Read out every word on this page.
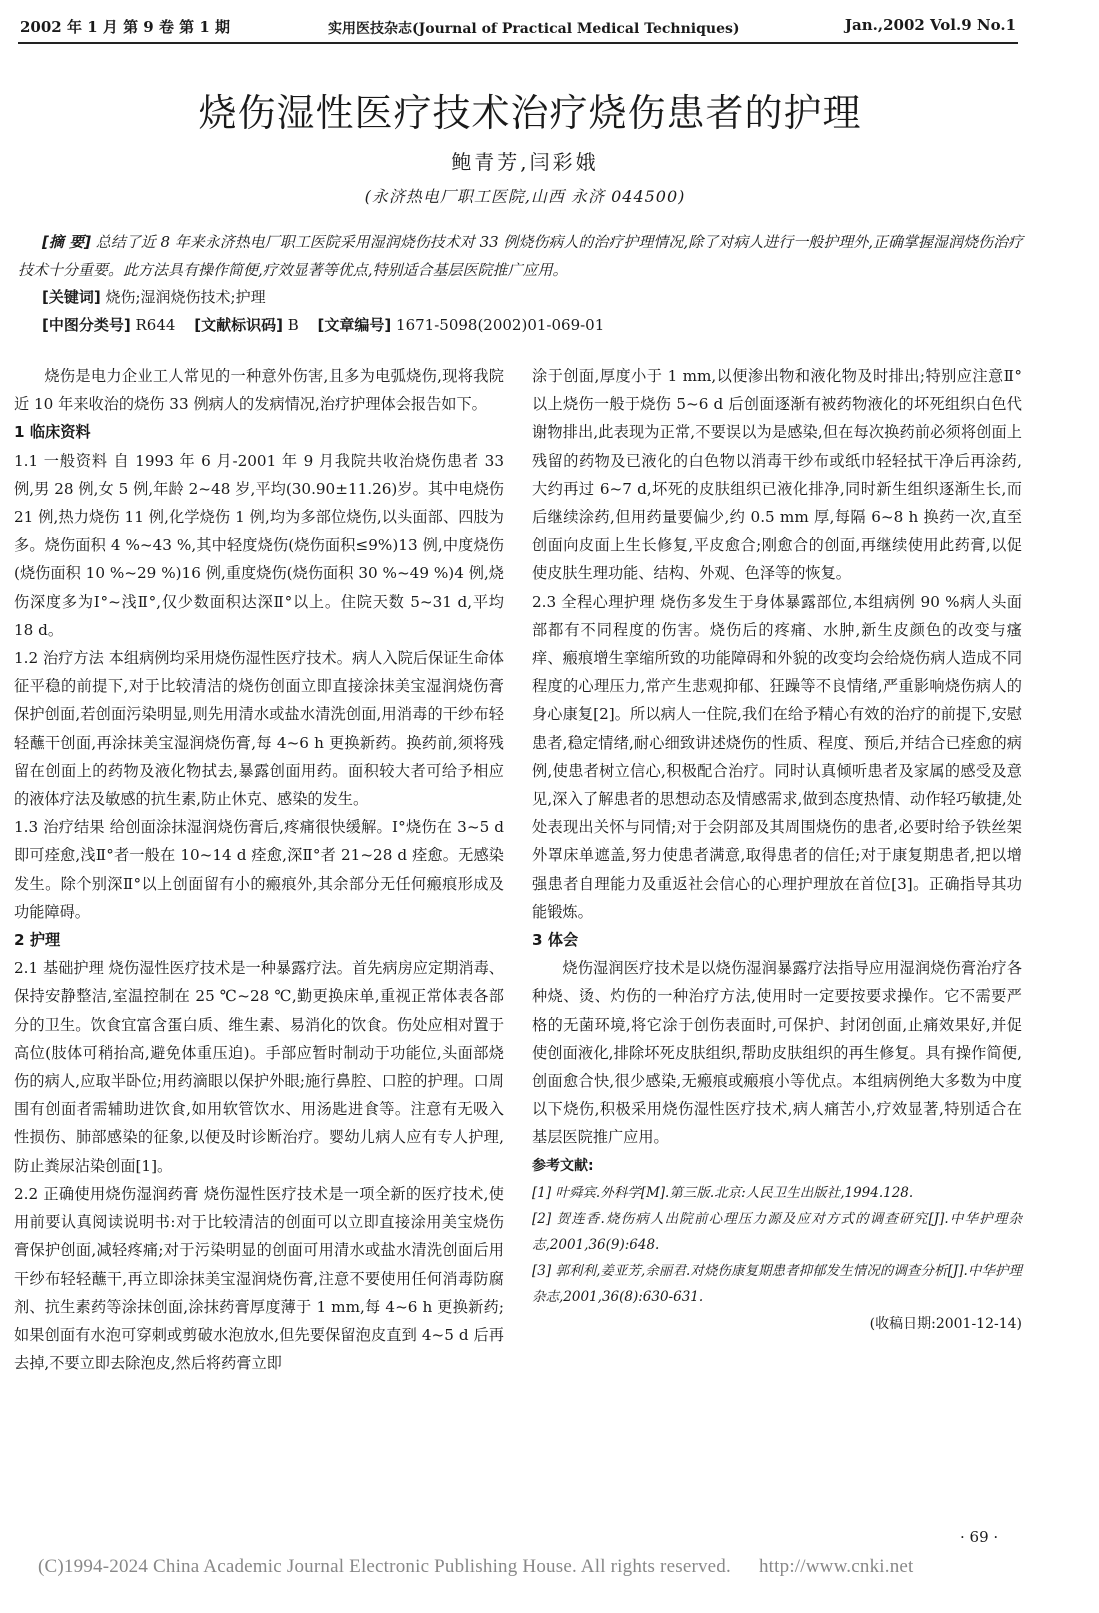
2002 年 1 月 第 9 卷 第 1 期	实用医技杂志(Journal of Practical Medical Techniques)	Jan.,2002 Vol.9 No.1
烧伤湿性医疗技术治疗烧伤患者的护理
鲍青芳,闫彩娥
(永济热电厂职工医院,山西 永济 044500)
[摘 要] 总结了近 8 年来永济热电厂职工医院采用湿润烧伤技术对 33 例烧伤病人的治疗护理情况,除了对病人进行一般护理外,正确掌握湿润烧伤治疗技术十分重要。此方法具有操作简便,疗效显著等优点,特别适合基层医院推广应用。
[关键词] 烧伤;湿润烧伤技术;护理
[中图分类号] R644 [文献标识码] B [文章编号] 1671-5098(2002)01-069-01

烧伤是电力企业工人常见的一种意外伤害,且多为电弧烧伤,现将我院近 10 年来收治的烧伤 33 例病人的发病情况,治疗护理体会报告如下。

1 临床资料

1.1 一般资料 自 1993 年 6 月-2001 年 9 月我院共收治烧伤患者 33 例,男 28 例,女 5 例,年龄 2~48 岁,平均(30.90±11.26)岁。其中电烧伤 21 例,热力烧伤 11 例,化学烧伤 1 例,均为多部位烧伤,以头面部、四肢为多。烧伤面积 4 %~43 %,其中轻度烧伤(烧伤面积≤9%)13 例,中度烧伤(烧伤面积 10 %~29 %)16 例,重度烧伤(烧伤面积 30 %~49 %)4 例,烧伤深度多为Ⅰ°~浅Ⅱ°,仅少数面积达深Ⅱ°以上。住院天数 5~31 d,平均 18 d。

1.2 治疗方法 本组病例均采用烧伤湿性医疗技术。病人入院后保证生命体征平稳的前提下,对于比较清洁的烧伤创面立即直接涂抹美宝湿润烧伤膏保护创面,若创面污染明显,则先用清水或盐水清洗创面,用消毒的干纱布轻轻蘸干创面,再涂抹美宝湿润烧伤膏,每 4~6 h 更换新药。换药前,须将残留在创面上的药物及液化物拭去,暴露创面用药。面积较大者可给予相应的液体疗法及敏感的抗生素,防止休克、感染的发生。

1.3 治疗结果 给创面涂抹湿润烧伤膏后,疼痛很快缓解。Ⅰ°烧伤在 3~5 d 即可痊愈,浅Ⅱ°者一般在 10~14 d 痊愈,深Ⅱ°者 21~28 d 痊愈。无感染发生。除个别深Ⅱ°以上创面留有小的瘢痕外,其余部分无任何瘢痕形成及功能障碍。

2 护理

2.1 基础护理 烧伤湿性医疗技术是一种暴露疗法。首先病房应定期消毒、保持安静整洁,室温控制在 25 ℃~28 ℃,勤更换床单,重视正常体表各部分的卫生。饮食宜富含蛋白质、维生素、易消化的饮食。伤处应相对置于高位(肢体可稍抬高,避免体重压迫)。手部应暂时制动于功能位,头面部烧伤的病人,应取半卧位;用药滴眼以保护外眼;施行鼻腔、口腔的护理。口周围有创面者需辅助进饮食,如用软管饮水、用汤匙进食等。注意有无吸入性损伤、肺部感染的征象,以便及时诊断治疗。婴幼儿病人应有专人护理,防止粪尿沾染创面[1]。

2.2 正确使用烧伤湿润药膏 烧伤湿性医疗技术是一项全新的医疗技术,使用前要认真阅读说明书:对于比较清洁的创面可以立即直接涂用美宝烧伤膏保护创面,减轻疼痛;对于污染明显的创面可用清水或盐水清洗创面后用干纱布轻轻蘸干,再立即涂抹美宝湿润烧伤膏,注意不要使用任何消毒防腐剂、抗生素药等涂抹创面,涂抹药膏厚度薄于 1 mm,每 4~6 h 更换新药;如果创面有水泡可穿刺或剪破水泡放水,但先要保留泡皮直到 4~5 d 后再去掉,不要立即去除泡皮,然后将药膏立即

涂于创面,厚度小于 1 mm,以便渗出物和液化物及时排出;特别应注意Ⅱ°以上烧伤一般于烧伤 5~6 d 后创面逐渐有被药物液化的坏死组织白色代谢物排出,此表现为正常,不要误以为是感染,但在每次换药前必须将创面上残留的药物及已液化的白色物以消毒干纱布或纸巾轻轻拭干净后再涂药,大约再过 6~7 d,坏死的皮肤组织已液化排净,同时新生组织逐渐生长,而后继续涂药,但用药量要偏少,约 0.5 mm 厚,每隔 6~8 h 换药一次,直至创面向皮面上生长修复,平皮愈合;刚愈合的创面,再继续使用此药膏,以促使皮肤生理功能、结构、外观、色泽等的恢复。

2.3 全程心理护理 烧伤多发生于身体暴露部位,本组病例 90 %病人头面部都有不同程度的伤害。烧伤后的疼痛、水肿,新生皮颜色的改变与瘙痒、瘢痕增生挛缩所致的功能障碍和外貌的改变均会给烧伤病人造成不同程度的心理压力,常产生悲观抑郁、狂躁等不良情绪,严重影响烧伤病人的身心康复[2]。所以病人一住院,我们在给予精心有效的治疗的前提下,安慰患者,稳定情绪,耐心细致讲述烧伤的性质、程度、预后,并结合已痊愈的病例,使患者树立信心,积极配合治疗。同时认真倾听患者及家属的感受及意见,深入了解患者的思想动态及情感需求,做到态度热情、动作轻巧敏捷,处处表现出关怀与同情;对于会阴部及其周围烧伤的患者,必要时给予铁丝架外罩床单遮盖,努力使患者满意,取得患者的信任;对于康复期患者,把以增强患者自理能力及重返社会信心的心理护理放在首位[3]。正确指导其功能锻炼。

3 体会

烧伤湿润医疗技术是以烧伤湿润暴露疗法指导应用湿润烧伤膏治疗各种烧、烫、灼伤的一种治疗方法,使用时一定要按要求操作。它不需要严格的无菌环境,将它涂于创伤表面时,可保护、封闭创面,止痛效果好,并促使创面液化,排除坏死皮肤组织,帮助皮肤组织的再生修复。具有操作简便,创面愈合快,很少感染,无瘢痕或瘢痕小等优点。本组病例绝大多数为中度以下烧伤,积极采用烧伤湿性医疗技术,病人痛苦小,疗效显著,特别适合在基层医院推广应用。

参考文献:

[1] 叶舜宾.外科学[M].第三版.北京:人民卫生出版社,1994.128.

[2] 贺连香.烧伤病人出院前心理压力源及应对方式的调查研究[J].中华护理杂志,2001,36(9):648.

[3] 郭利利,姜亚芳,余丽君.对烧伤康复期患者抑郁发生情况的调查分析[J].中华护理杂志,2001,36(8):630-631.

(收稿日期:2001-12-14)

· 69 ·
(C)1994-2024 China Academic Journal Electronic Publishing House. All rights reserved. http://www.cnki.net
